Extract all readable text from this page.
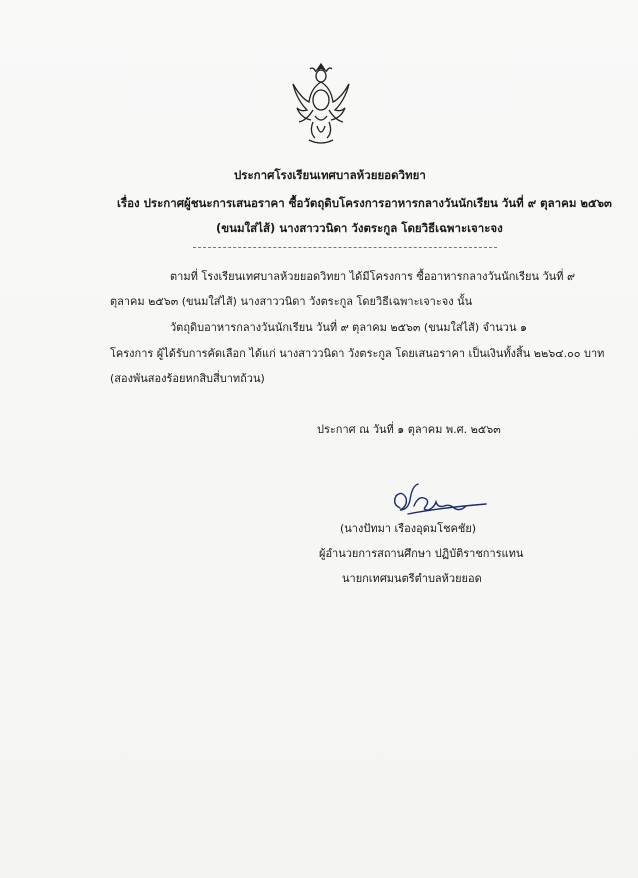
ประกาศโรงเรียนเทศบาลห้วยยอดวิทยา
เรื่อง ประกาศผู้ชนะการเสนอราคา ซื้อวัตถุดิบโครงการอาหารกลางวันนักเรียน วันที่ ๙ ตุลาคม ๒๕๖๓
(ขนมใส่ไส้) นางสาววนิดา วังตระกูล โดยวิธีเฉพาะเจาะจง
ตามที่ โรงเรียนเทศบาลห้วยยอดวิทยา ได้มีโครงการ ซื้ออาหารกลางวันนักเรียน วันที่ ๙
ตุลาคม ๒๕๖๓ (ขนมใส่ไส้) นางสาววนิดา วังตระกูล โดยวิธีเฉพาะเจาะจง นั้น
วัตถุดิบอาหารกลางวันนักเรียน วันที่ ๙ ตุลาคม ๒๕๖๓ (ขนมใส่ไส้) จำนวน ๑
โครงการ ผู้ได้รับการคัดเลือก ได้แก่ นางสาววนิดา วังตระกูล โดยเสนอราคา เป็นเงินทั้งสิ้น ๒๒๖๔.๐๐ บาท
(สองพันสองร้อยหกสิบสี่บาทถ้วน)
ประกาศ ณ วันที่ ๑ ตุลาคม พ.ศ. ๒๕๖๓
(นางปัทมา เรืองอุดมโชคชัย)
ผู้อำนวยการสถานศึกษา ปฏิบัติราชการแทน
นายกเทศมนตรีตำบลห้วยยอด
